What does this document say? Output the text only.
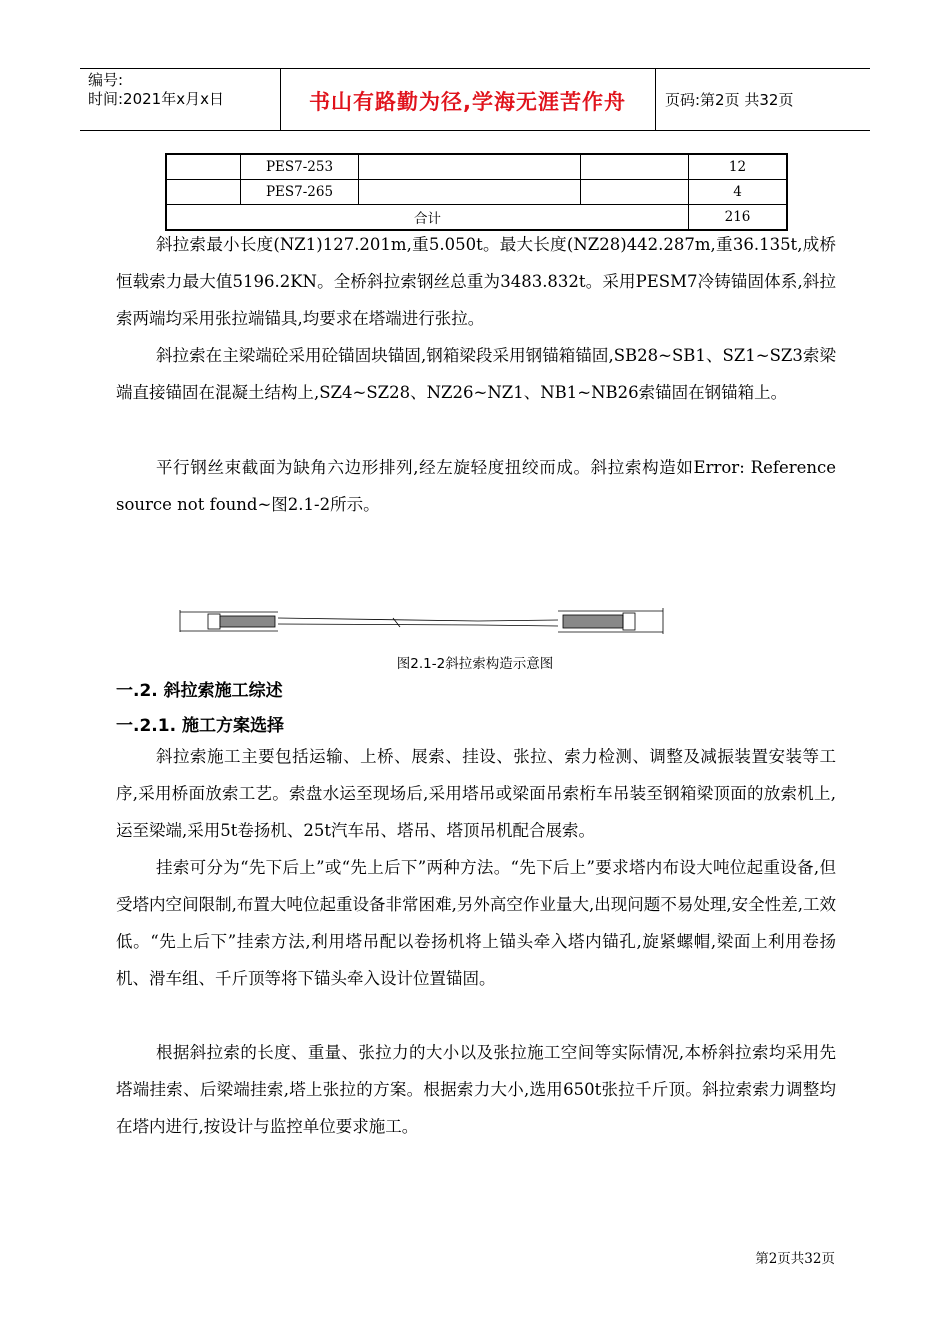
编号:
时间:2021年x月x日	书山有路勤为径,学海无涯苦作舟	页码:第2页 共32页
	PES7-253			12
	PES7-265			4
合计				216
斜拉索最小长度(NZ1)127.201m,重5.050t。最大长度(NZ28)442.287m,重36.135t,成桥恒载索力最大值5196.2KN。全桥斜拉索钢丝总重为3483.832t。采用PESM7冷铸锚固体系,斜拉索两端均采用张拉端锚具,均要求在塔端进行张拉。
斜拉索在主梁端砼采用砼锚固块锚固,钢箱梁段采用钢锚箱锚固,SB28~SB1、SZ1~SZ3索梁端直接锚固在混凝土结构上,SZ4~SZ28、NZ26~NZ1、NB1~NB26索锚固在钢锚箱上。
平行钢丝束截面为缺角六边形排列,经左旋轻度扭绞而成。斜拉索构造如Error: Reference source not found~图2.1-2所示。
图2.1-2斜拉索构造示意图
一.2. 斜拉索施工综述
一.2.1. 施工方案选择
斜拉索施工主要包括运输、上桥、展索、挂设、张拉、索力检测、调整及减振装置安装等工序,采用桥面放索工艺。索盘水运至现场后,采用塔吊或梁面吊索桁车吊装至钢箱梁顶面的放索机上,运至梁端,采用5t卷扬机、25t汽车吊、塔吊、塔顶吊机配合展索。
挂索可分为“先下后上”或“先上后下”两种方法。“先下后上”要求塔内布设大吨位起重设备,但受塔内空间限制,布置大吨位起重设备非常困难,另外高空作业量大,出现问题不易处理,安全性差,工效低。“先上后下”挂索方法,利用塔吊配以卷扬机将上锚头牵入塔内锚孔,旋紧螺帽,梁面上利用卷扬机、滑车组、千斤顶等将下锚头牵入设计位置锚固。
根据斜拉索的长度、重量、张拉力的大小以及张拉施工空间等实际情况,本桥斜拉索均采用先塔端挂索、后梁端挂索,塔上张拉的方案。根据索力大小,选用650t张拉千斤顶。斜拉索索力调整均在塔内进行,按设计与监控单位要求施工。
第2页共32页
